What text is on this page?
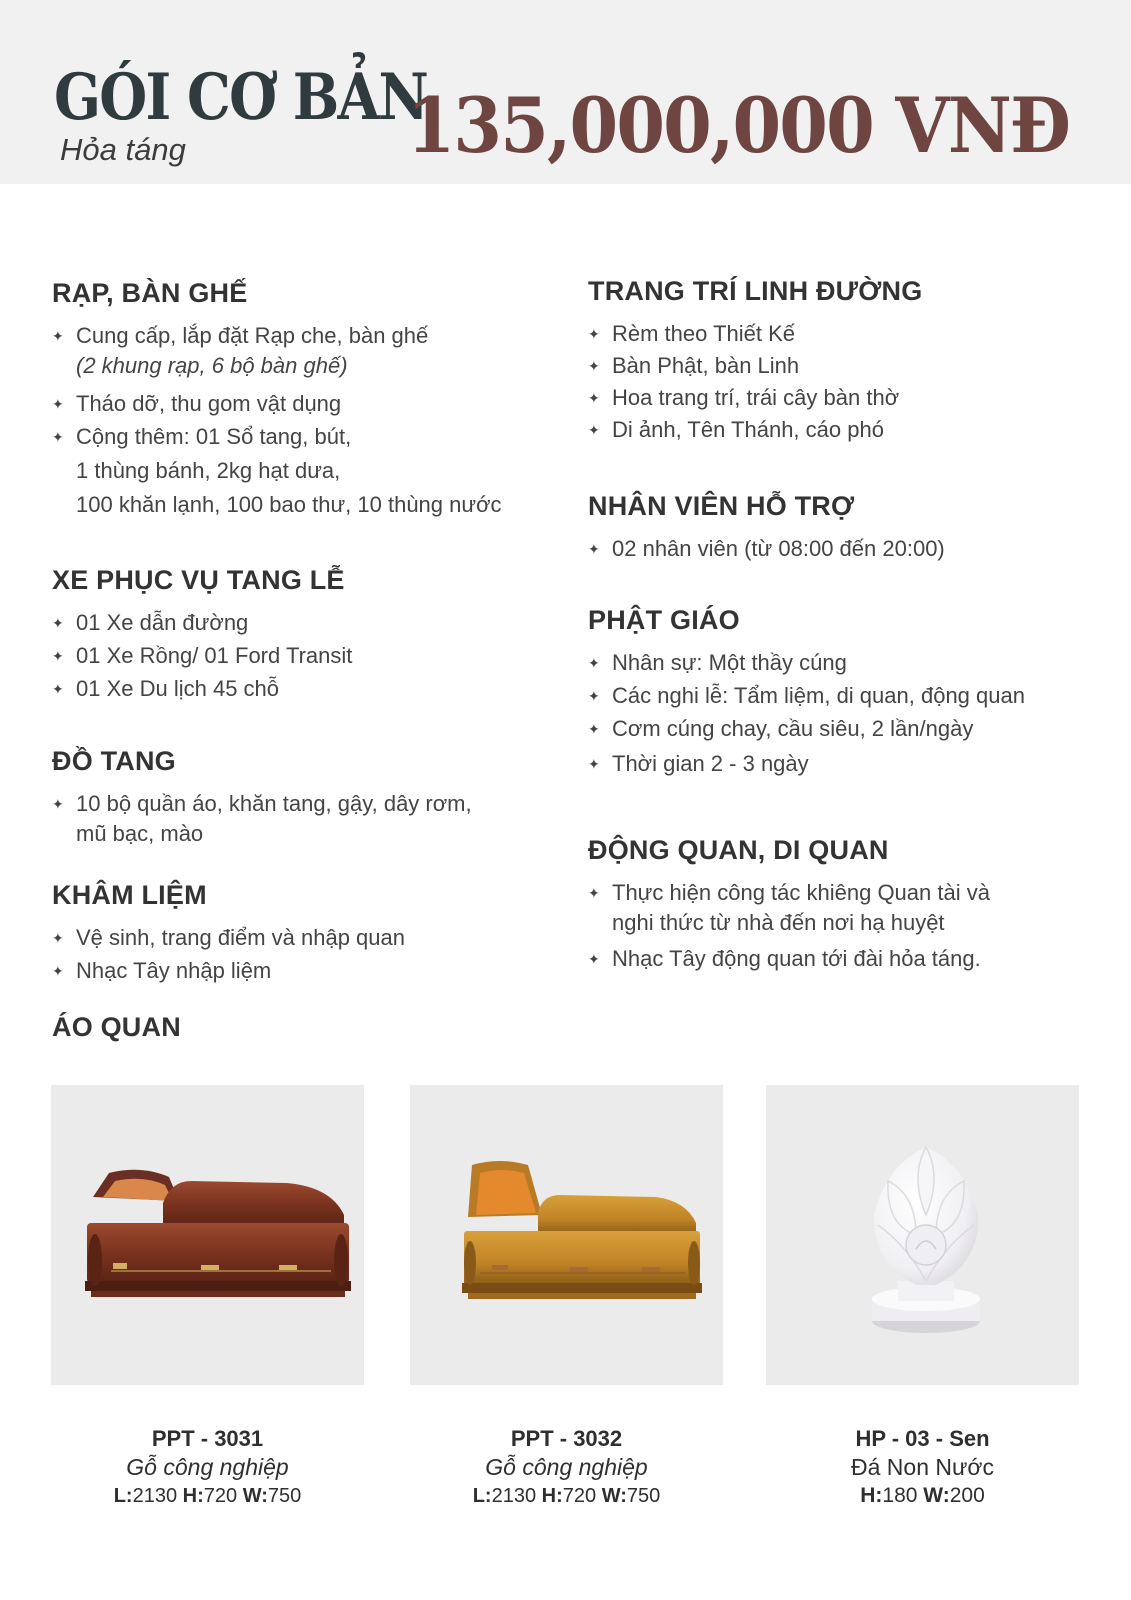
GÓI CƠ BẢN
Hỏa táng	135,000,000 VNĐ
RẠP, BÀN GHẾ
✦ Cung cấp, lắp đặt Rạp che, bàn ghế
(2 khung rạp, 6 bộ bàn ghế)
✦ Tháo dỡ, thu gom vật dụng
✦ Cộng thêm: 01 Sổ tang, bút,
1 thùng bánh, 2kg hạt dưa,
100 khăn lạnh, 100 bao thư, 10 thùng nước
XE PHỤC VỤ TANG LỄ
✦ 01 Xe dẫn đường
✦ 01 Xe Rồng/ 01 Ford Transit
✦ 01 Xe Du lịch 45 chỗ
ĐỒ TANG
✦ 10 bộ quần áo, khăn tang, gậy, dây rơm,
mũ bạc, mào
KHÂM LIỆM
✦ Vệ sinh, trang điểm và nhập quan
✦ Nhạc Tây nhập liệm
ÁO QUAN
TRANG TRÍ LINH ĐƯỜNG
✦ Rèm theo Thiết Kế
✦ Bàn Phật, bàn Linh
✦ Hoa trang trí, trái cây bàn thờ
✦ Di ảnh, Tên Thánh, cáo phó
NHÂN VIÊN HỖ TRỢ
✦ 02 nhân viên (từ 08:00 đến 20:00)
PHẬT GIÁO
✦ Nhân sự: Một thầy cúng
✦ Các nghi lễ: Tẩm liệm, di quan, động quan
✦ Cơm cúng chay, cầu siêu, 2 lần/ngày
✦ Thời gian 2 - 3 ngày
ĐỘNG QUAN, DI QUAN
✦ Thực hiện công tác khiêng Quan tài và
nghi thức từ nhà đến nơi hạ huyệt
✦ Nhạc Tây động quan tới đài hỏa táng.
PPT - 3031
Gỗ công nghiệp
L:2130 H:720 W:750
PPT - 3032
Gỗ công nghiệp
L:2130 H:720 W:750
HP - 03 - Sen
Đá Non Nước
H:180 W:200
